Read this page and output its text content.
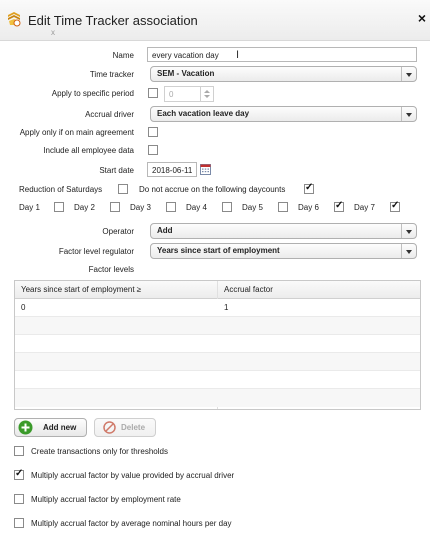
Edit Time Tracker association
x
×
Name	every vacation day I
Time tracker	SEM - Vacation
Apply to specific period	0
Accrual driver	Each vacation leave day
Apply only if on main agreement
Include all employee data
Start date	2018-06-11
Reduction of Saturdays	Do not accrue on the following daycounts
✓
Day 1	Day 2	Day 3	Day 4	Day 5	Day 6
✓	Day 7
✓
Operator	Add
Factor level regulator	Years since start of employment
Factor levels
Years since start of employment ≥	Accrual factor
0	1
Add new	Delete
Create transactions only for thresholds
✓
Multiply accrual factor by value provided by accrual driver
Multiply accrual factor by employment rate
Multiply accrual factor by average nominal hours per day
